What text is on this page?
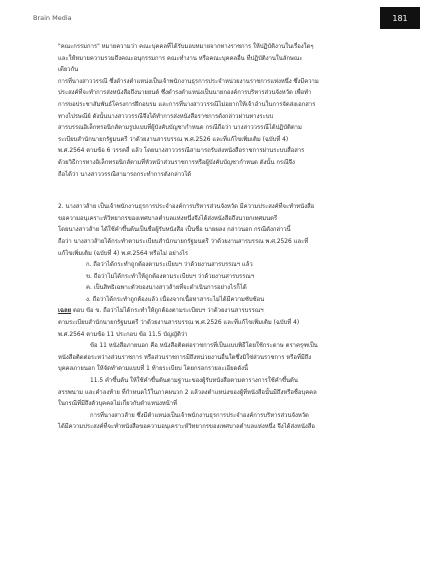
Brain Media	181
"คณะกรรมการ" หมายความว่า คณะบุคคลที่ได้รับมอบหมายจากทางราชการ ให้ปฏิบัติงานในเรื่องใดๆ
และให้หมายความรวมถึงคณะอนุกรรมการ คณะทำงาน หรือคณะบุคคลอื่น ที่ปฏิบัติงานในลักษณะ
เดียวกัน
การที่นางสาววรรณี ซึ่งดำรงตำแหน่งเป็นเจ้าพนักงานธุรการประจำหน่วยงานราชการแห่งหนึ่ง ซึ่งมีความ
ประสงค์ที่จะทำการส่งหนังสือถึงนายยนต์ ซึ่งดำรงตำแหน่งเป็นนายกองค์การบริหารส่วนจังหวัด เพื่อทำ
การขอประชาสัมพันธ์โครงการฝึกอบรม และการที่นางสาววรรณีไม่อยากให้เจ้าอำนในการจัดส่งเอกสาร
ทางไปรษณีย์ ดังนั้นนางสาววรรณีจึงได้ทำการส่งหนังสือราชการดังกล่าวผ่านทางระบบ
สารบรรณอิเล็กทรอนิกส์ตามรูปแบบที่ผู้บังคับบัญชากำหนด กรณีถือว่า นางสาววรรณีได้ปฏิบัติตาม
ระเบียบสำนักนายกรัฐมนตรี ว่าด้วยงานสารบรรณ พ.ศ.2526 และที่แก้ไขเพิ่มเติม (ฉบับที่ 4)
พ.ศ.2564 ตามข้อ 6 วรรคสี่ แล้ว โดยนางสาววรรณีสามารถรับส่งหนังสือราชการผ่านระบบสื่อสาร
ด้วยวิธีการทางอิเล็กทรอนิกส์ตามที่หัวหน้าส่วนราชการหรือผู้บังคับบัญชากำหนด ดังนั้น กรณีจึง
ถือได้ว่า นางสาววรรณีสามารถกระทำการดังกล่าวได้
2. นางสาวส้าย เป็นเจ้าพนักงานธุรการประจำองค์การบริหารส่วนจังหวัด มีความประสงค์ที่จะทำหนังสือ
ขอความอนุเคราะห์วิทยากรของเทศบาลตำบลแห่งหนึ่งจึงได้ส่งหนังสือถึงนายกเทศมนตรี
โดยนางสาวส้าย ได้ใช้คำขึ้นต้นเป็นชื่อผู้รับหนังสือ เป็นชื่อ นายผลง กล่าวนอก กรณีดังกล่าวนี้
ถือว่า นางสาวส้ายได้กระทำตามระเบียบสำนักนายกรัฐมนตรี ว่าด้วยงานสารบรรณ พ.ศ.2526 และที่
แก้ไขเพิ่มเติม (ฉบับที่ 4) พ.ศ.2564 หรือไม่ อย่างไร
ก. ถือว่าได้กระทำถูกต้องตามระเบียบฯ ว่าด้วยงานสารบรรณฯ แล้ว
ข. ถือว่าไม่ได้กระทำให้ถูกต้องตามระเบียบฯ ว่าด้วยงานสารบรรณฯ
ค. เป็นสิทธิเฉพาะตัวของนางสาวส้ายที่จะดำเนินการอย่างไรก็ได้
ง. ถือว่าได้กระทำถูกต้องแล้ว เนื่องจากเนื้อหาสาระไม่ได้มีความซับซ้อน
เฉลย ตอบ ข้อ ข. ถือว่าไม่ได้กระทำให้ถูกต้องตามระเบียบฯ ว่าด้วยงานสารบรรณฯ
ตามระเบียบสำนักนายกรัฐมนตรี ว่าด้วยงานสารบรรณ พ.ศ.2526 และที่แก้ไขเพิ่มเติม (ฉบับที่ 4)
พ.ศ.2564 ตามข้อ 11 ประกอบ ข้อ 11.5 บัญญัติว่า
ข้อ 11 หนังสือภายนอก คือ หนังสือติดต่อราชการที่เป็นแบบพิธีโดยใช้กระดาษ ตราครุฑเป็น
หนังสือติดต่อระหว่างส่วนราชการ หรือส่วนราชการมีถึงหน่วยงานอื่นใดซึ่งมิใช่ส่วนราชการ หรือที่มีถึง
บุคคลภายนอก ให้จัดทำตามแบบที่ 1 ท้ายระเบียบ โดยกรอกรายละเอียดดังนี้
11.5 คำขึ้นต้น ให้ใช้คำขึ้นต้นตามฐานะของผู้รับหนังสือตามตารางการใช้คำขึ้นต้น
สรรพนาม และคำลงท้าย ที่กำหนดไว้ในภาคผนวก 2 แล้วลงตำแหน่งของผู้ที่หนังสือนั้นมีถึงหรือชื่อบุคคล
ในกรณีที่มีถึงตัวบุคคลไม่เกี่ยวกับตำแหน่งหน้าที่
การที่นางสาวส้าย ซึ่งมีตำแหน่งเป็นเจ้าพนักงานธุรการประจำองค์การบริหารส่วนจังหวัด
ได้มีความประสงค์ที่จะทำหนังสือขอความอนุเคราะห์วิทยากรของเทศบาลตำบลแห่งหนึ่ง จึงได้ส่งหนังสือ
